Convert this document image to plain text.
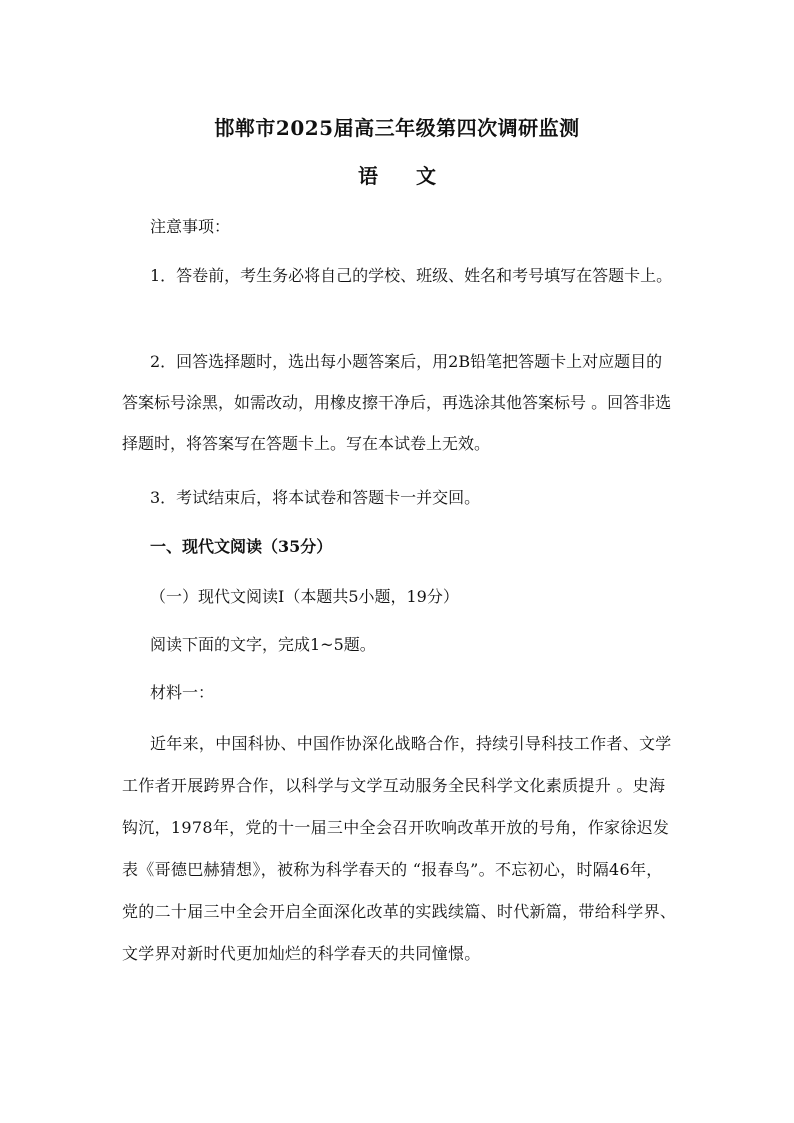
邯郸市2025届高三年级第四次调研监测
语文
注意事项：
1．答卷前，考生务必将自己的学校、班级、姓名和考号填写在答题卡上。
2．回答选择题时，选出每小题答案后，用2B铅笔把答题卡上对应题目的答案标号涂黑，如需改动，用橡皮擦干净后，再选涂其他答案标号 。回答非选择题时，将答案写在答题卡上。写在本试卷上无效。
3．考试结束后，将本试卷和答题卡一并交回。
一、现代文阅读（35分）
（一）现代文阅读Ⅰ（本题共5小题，19分）
阅读下面的文字，完成1~5题。
材料一：
近年来，中国科协、中国作协深化战略合作，持续引导科技工作者、文学工作者开展跨界合作，以科学与文学互动服务全民科学文化素质提升 。史海钩沉，1978年，党的十一届三中全会召开吹响改革开放的号角，作家徐迟发表《哥德巴赫猜想》，被称为科学春天的 “报春鸟”。不忘初心，时隔46年，党的二十届三中全会开启全面深化改革的实践续篇、时代新篇，带给科学界、文学界对新时代更加灿烂的科学春天的共同憧憬。
